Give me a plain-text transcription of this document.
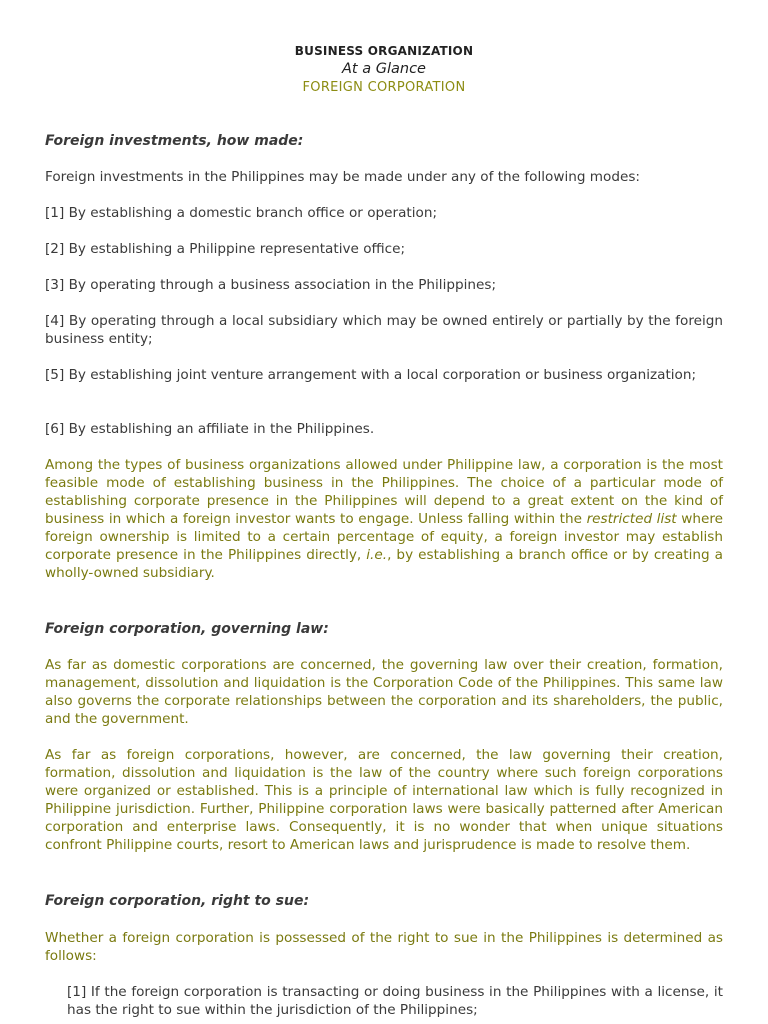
BUSINESS ORGANIZATION
At a Glance
FOREIGN CORPORATION
Foreign investments, how made:
Foreign investments in the Philippines may be made under any of the following modes:
[1] By establishing a domestic branch office or operation;
[2] By establishing a Philippine representative office;
[3] By operating through a business association in the Philippines;
[4] By operating through a local subsidiary which may be owned entirely or partially by the foreign business entity;
[5] By establishing joint venture arrangement with a local corporation or business organization;
[6] By establishing an affiliate in the Philippines.
Among the types of business organizations allowed under Philippine law, a corporation is the most feasible mode of establishing business in the Philippines. The choice of a particular mode of establishing corporate presence in the Philippines will depend to a great extent on the kind of business in which a foreign investor wants to engage. Unless falling within the restricted list where foreign ownership is limited to a certain percentage of equity, a foreign investor may establish corporate presence in the Philippines directly, i.e., by establishing a branch office or by creating a wholly-owned subsidiary.
Foreign corporation, governing law:
As far as domestic corporations are concerned, the governing law over their creation, formation, management, dissolution and liquidation is the Corporation Code of the Philippines. This same law also governs the corporate relationships between the corporation and its shareholders, the public, and the government.
As far as foreign corporations, however, are concerned, the law governing their creation, formation, dissolution and liquidation is the law of the country where such foreign corporations were organized or established. This is a principle of international law which is fully recognized in Philippine jurisdiction. Further, Philippine corporation laws were basically patterned after American corporation and enterprise laws. Consequently, it is no wonder that when unique situations confront Philippine courts, resort to American laws and jurisprudence is made to resolve them.
Foreign corporation, right to sue:
Whether a foreign corporation is possessed of the right to sue in the Philippines is determined as follows:
[1] If the foreign corporation is transacting or doing business in the Philippines with a license, it has the right to sue within the jurisdiction of the Philippines;
